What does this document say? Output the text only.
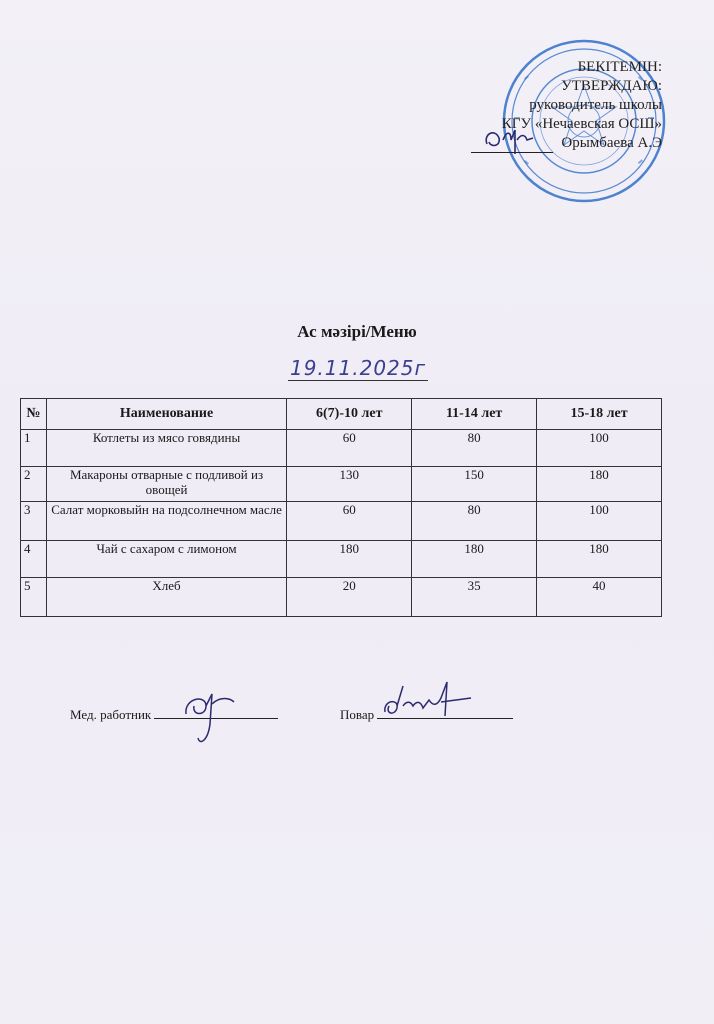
БЕКІТЕМІН:
УТВЕРЖДАЮ:
руководитель школы
КГУ «Нечаевская ОСШ»
Орымбаева А.Э
Ас мәзірі/Меню
19.11.2025г
№	Наименование	6(7)-10 лет	11-14 лет	15-18 лет
1	Котлеты из мясо говядины	60	80	100
2	Макароны отварные с подливой из овощей	130	150	180
3	Салат морковыйн на подсолнечном масле	60	80	100
4	Чай с сахаром с лимоном	180	180	180
5	Хлеб	20	35	40
Мед. работник	Повар
